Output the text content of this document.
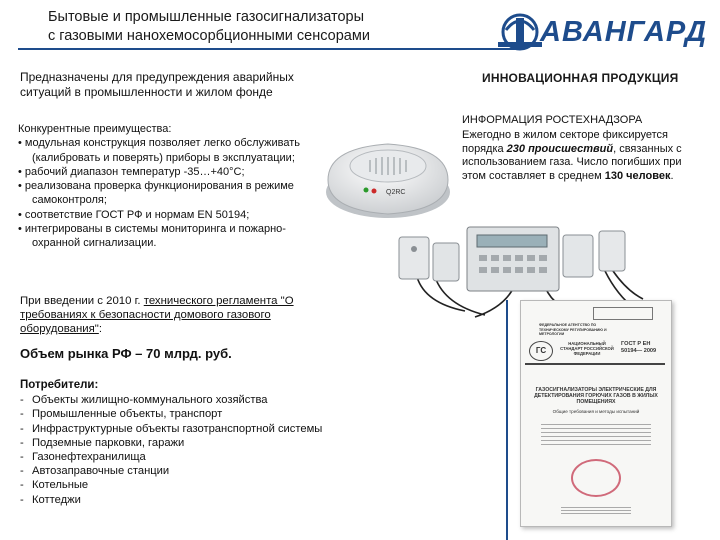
Бытовые и промышленные газосигнализаторы
с газовыми нанохемосорбционными сенсорами	АВАНГАРД
Предназначены для предупреждения аварийных
ситуаций в промышленности и жилом фонде
ИННОВАЦИОННАЯ ПРОДУКЦИЯ
Конкурентные преимущества:
• модульная конструкция позволяет легко обслуживать (калибровать и поверять) приборы в эксплуатации;
• рабочий диапазон температур -35…+40°С;
• реализована проверка функционирования в режиме самоконтроля;
• соответствие ГОСТ РФ и нормам EN 50194;
• интегрированы в системы мониторинга и пожарно-охранной сигнализации.
ИНФОРМАЦИЯ РОСТЕХНАДЗОРА
Ежегодно в жилом секторе фиксируется порядка 230 происшествий, связанных с использованием газа. Число погибших при этом составляет в среднем 130 человек.
Q2RC
При введении с 2010 г. технического регламента "О требованиях к безопасности домового газового оборудования":
Объем рынка РФ – 70 млрд. руб.
Потребители:
- Объекты жилищно-коммунального хозяйства
- Промышленные объекты, транспорт
- Инфраструктурные объекты газотранспортной системы
- Подземные парковки, гаражи
- Газонефтехранилища
- Автозаправочные станции
- Котельные
- Коттеджи
ФЕДЕРАЛЬНОЕ АГЕНТСТВО ПО ТЕХНИЧЕСКОМУ РЕГУЛИРОВАНИЮ И МЕТРОЛОГИИ
ГС
НАЦИОНАЛЬНЫЙ СТАНДАРТ РОССИЙСКОЙ ФЕДЕРАЦИИ
ГОСТ Р ЕН 50194— 2009
ГАЗОСИГНАЛИЗАТОРЫ ЭЛЕКТРИЧЕСКИЕ ДЛЯ ДЕТЕКТИРОВАНИЯ ГОРЮЧИХ ГАЗОВ В ЖИЛЫХ ПОМЕЩЕНИЯХ
Общие требования и методы испытаний
